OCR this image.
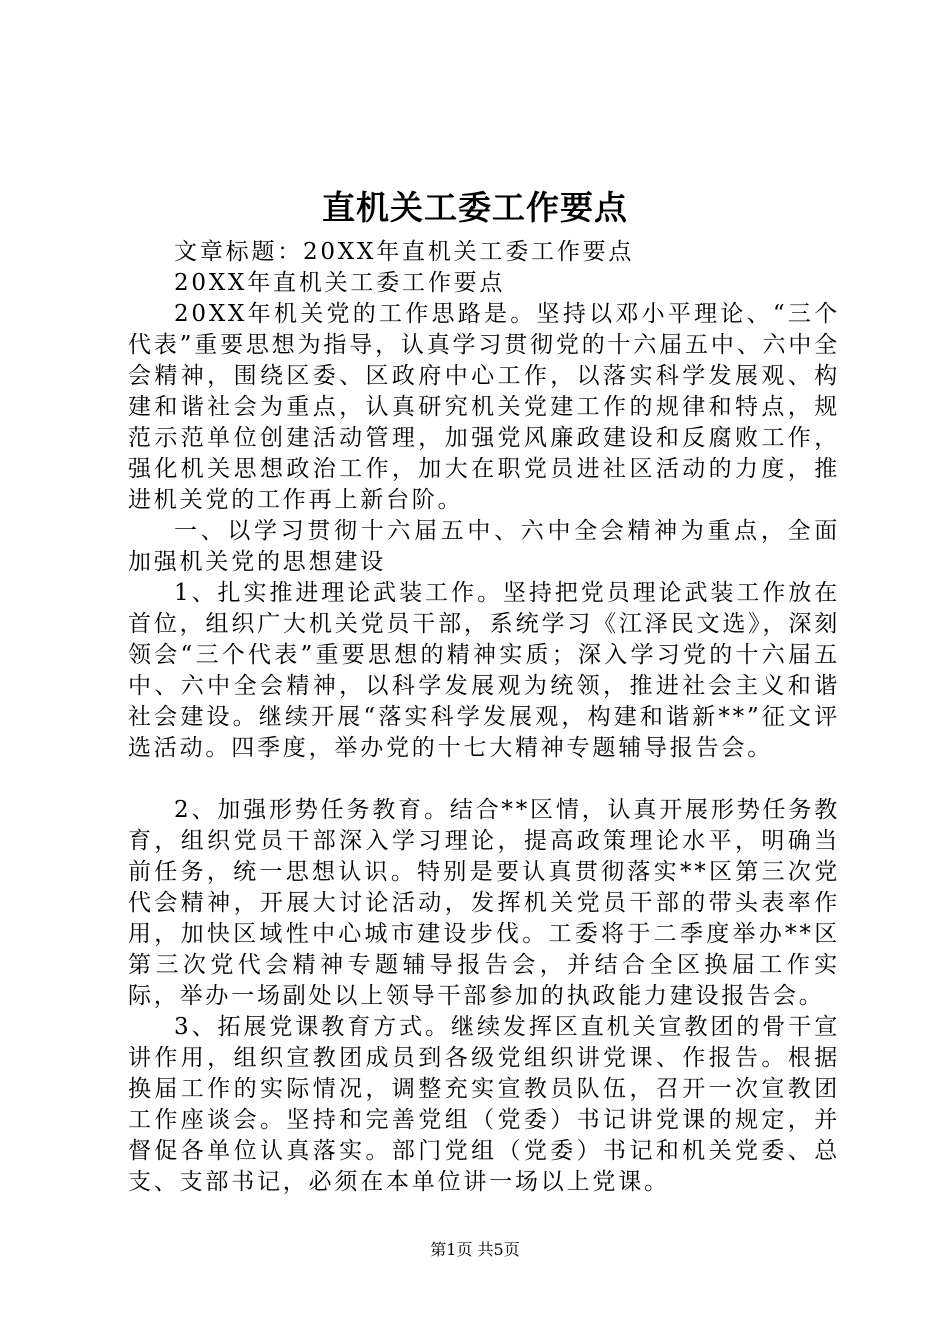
直机关工委工作要点

文章标题：20XX年直机关工委工作要点

20XX年直机关工委工作要点

20XX年机关党的工作思路是。坚持以邓小平理论、“三个代表”重要思想为指导，认真学习贯彻党的十六届五中、六中全会精神，围绕区委、区政府中心工作，以落实科学发展观、构建和谐社会为重点，认真研究机关党建工作的规律和特点，规范示范单位创建活动管理，加强党风廉政建设和反腐败工作，强化机关思想政治工作，加大在职党员进社区活动的力度，推进机关党的工作再上新台阶。

一、以学习贯彻十六届五中、六中全会精神为重点，全面加强机关党的思想建设

1、扎实推进理论武装工作。坚持把党员理论武装工作放在首位，组织广大机关党员干部，系统学习《江泽民文选》，深刻领会“三个代表”重要思想的精神实质；深入学习党的十六届五中、六中全会精神，以科学发展观为统领，推进社会主义和谐社会建设。继续开展“落实科学发展观，构建和谐新**”征文评选活动。四季度，举办党的十七大精神专题辅导报告会。

2、加强形势任务教育。结合**区情，认真开展形势任务教育，组织党员干部深入学习理论，提高政策理论水平，明确当前任务，统一思想认识。特别是要认真贯彻落实**区第三次党代会精神，开展大讨论活动，发挥机关党员干部的带头表率作用，加快区域性中心城市建设步伐。工委将于二季度举办**区第三次党代会精神专题辅导报告会，并结合全区换届工作实际，举办一场副处以上领导干部参加的执政能力建设报告会。

3、拓展党课教育方式。继续发挥区直机关宣教团的骨干宣讲作用，组织宣教团成员到各级党组织讲党课、作报告。根据换届工作的实际情况，调整充实宣教员队伍，召开一次宣教团工作座谈会。坚持和完善党组（党委）书记讲党课的规定，并督促各单位认真落实。部门党组（党委）书记和机关党委、总支、支部书记，必须在本单位讲一场以上党课。

第1页 共5页
